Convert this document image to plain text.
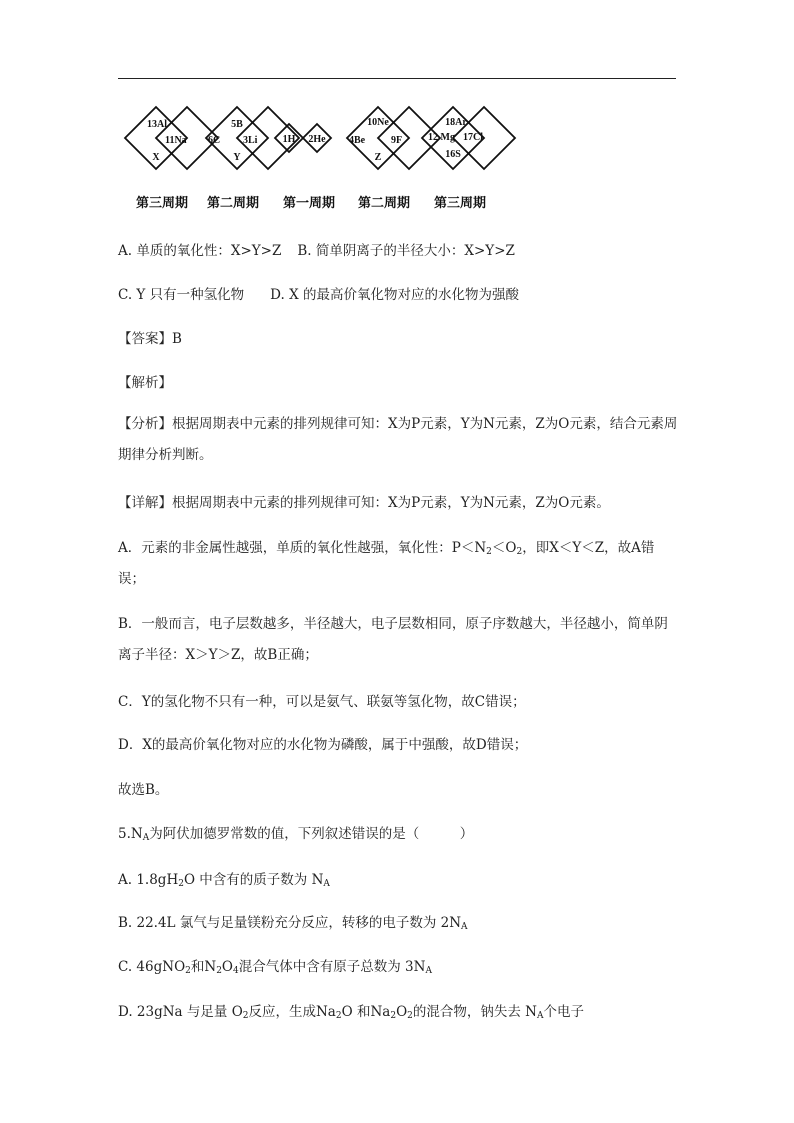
13Al
11Na
X
5B
6C 3Li
Y
1H 2He
10Ne
4Be	9F
Z
18Ar
12 Mg 17Cl
16S
第三周期 第二周期 第一周期 第二周期 第三周期
A. 单质的氧化性：X>Y>Z B. 简单阴离子的半径大小：X>Y>Z
C. Y 只有一种氢化物 D. X 的最高价氧化物对应的水化物为强酸
【答案】B
【解析】
【分析】根据周期表中元素的排列规律可知：X为P元素，Y为N元素，Z为O元素，结合元素周期律分析判断。
【详解】根据周期表中元素的排列规律可知：X为P元素，Y为N元素，Z为O元素。
A．元素的非金属性越强，单质的氧化性越强，氧化性：$P<N_2<O_2$，即X＜Y＜Z，故A错误；
B．一般而言，电子层数越多，半径越大，电子层数相同，原子序数越大，半径越小，简单阴离子半径：X＞Y＞Z，故B正确；
C．Y的氢化物不只有一种，可以是氨气、联氨等氢化物，故C错误；
D．X的最高价氧化物对应的水化物为磷酸，属于中强酸，故D错误；
故选B。
$5.N_A$为阿伏加德罗常数的值，下列叙述错误的是（　　　）
A. $1.8gH_2O$ 中含有的质子数为 $N_A$
B. 22.4L 氯气与足量镁粉充分反应，转移的电子数为 $2N_A$
C. 46gNO$_2$和$N_2O_4$混合气体中含有原子总数为 $3N_A$
D. 23gNa 与足量 $O_2$反应，生成$Na_2O$ 和$Na_2O_2$的混合物，钠失去 $N_A$个电子
